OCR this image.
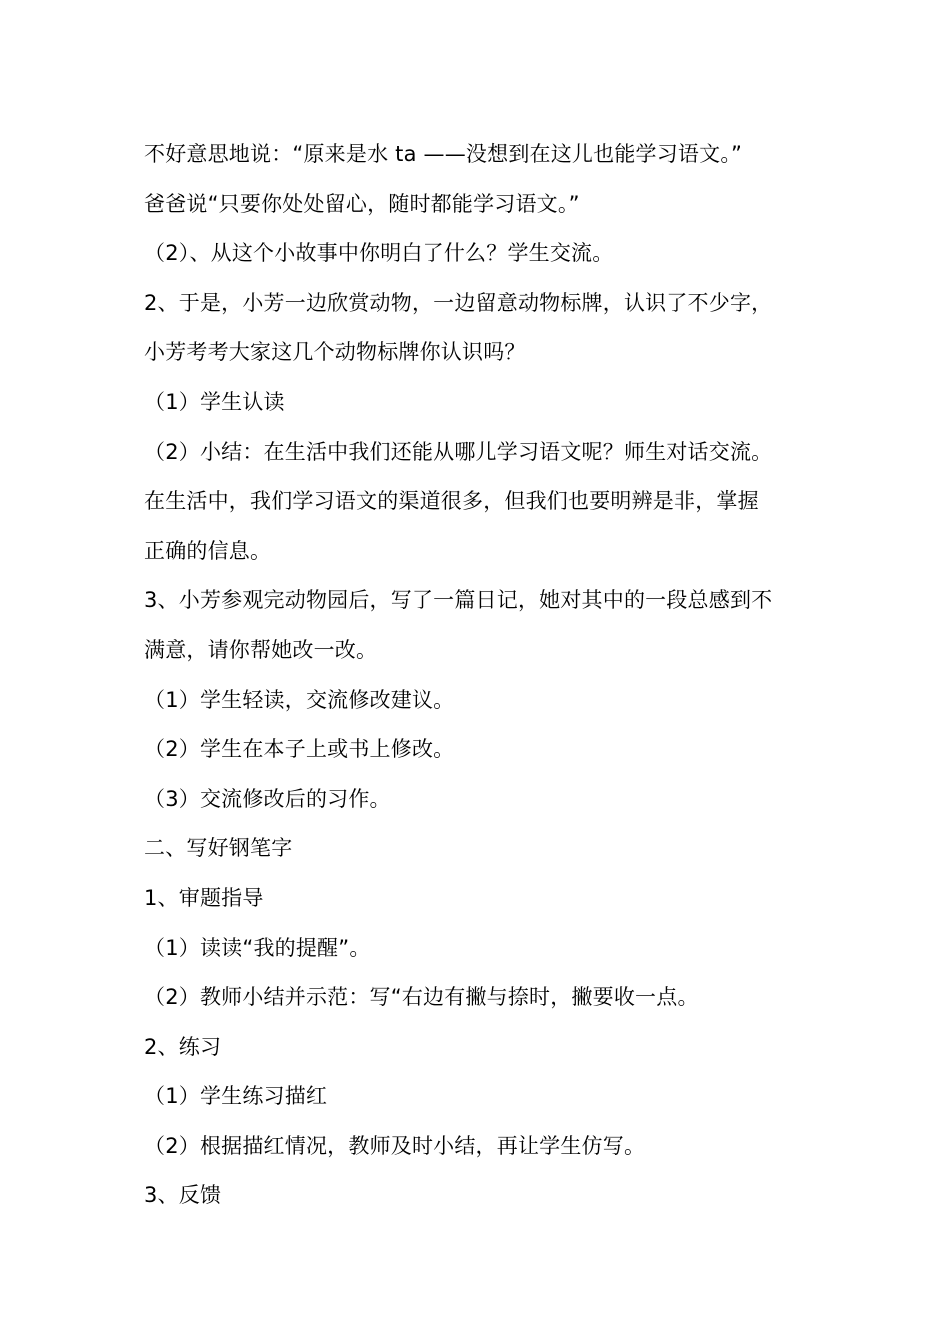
不好意思地说：“原来是水 ta ——没想到在这儿也能学习语文。”
爸爸说“只要你处处留心，随时都能学习语文。”
（2）、从这个小故事中你明白了什么？学生交流。
2、于是，小芳一边欣赏动物，一边留意动物标牌，认识了不少字，
小芳考考大家这几个动物标牌你认识吗？
（1）学生认读
（2）小结：在生活中我们还能从哪儿学习语文呢？师生对话交流。
在生活中，我们学习语文的渠道很多，但我们也要明辨是非，掌握
正确的信息。
3、小芳参观完动物园后，写了一篇日记，她对其中的一段总感到不
满意，请你帮她改一改。
（1）学生轻读，交流修改建议。
（2）学生在本子上或书上修改。
（3）交流修改后的习作。
二、写好钢笔字
1、审题指导
（1）读读“我的提醒”。
（2）教师小结并示范：写“右边有撇与捺时，撇要收一点。
2、练习
（1）学生练习描红
（2）根据描红情况，教师及时小结，再让学生仿写。
3、反馈
